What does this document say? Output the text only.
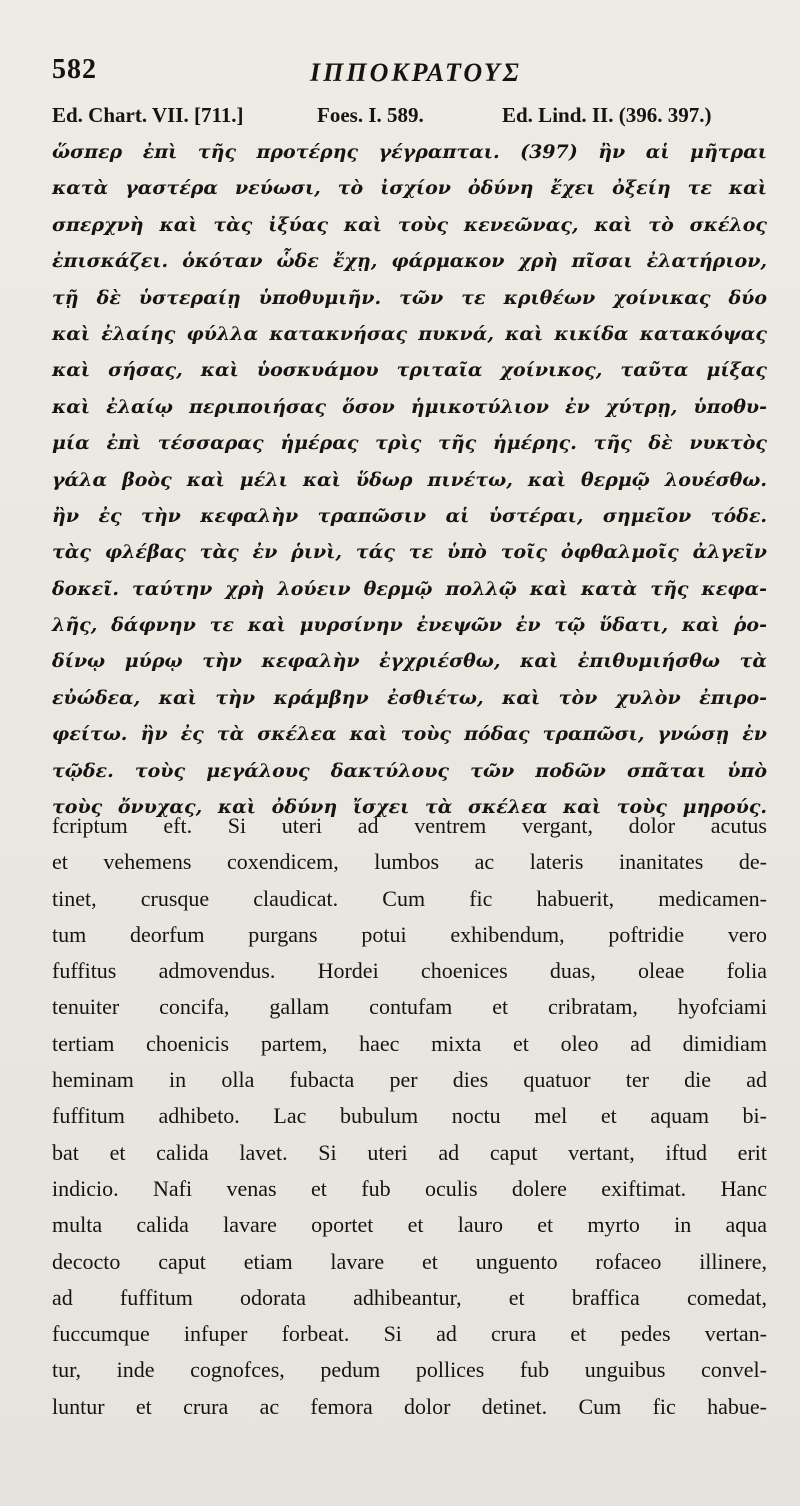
582	ΙΠΠΟΚΡΑΤΟΥΣ
Ed. Chart. VII. [711.]	Foes. I. 589.	Ed. Lind. II. (396. 397.)
ὥσπερ ἐπὶ τῆς προτέρης γέγραπται. (397) ἢν αἱ μῆτραι
κατὰ γαστέρα νεύωσι, τὸ ἰσχίον ὀδύνη ἔχει ὀξείη τε καὶ
σπερχνὴ καὶ τὰς ἰξύας καὶ τοὺς κενεῶνας, καὶ τὸ σκέλος
ἐπισκάζει. ὁκόταν ὧδε ἔχῃ, φάρμακον χρὴ πῖσαι ἐλατήριον,
τῇ δὲ ὑστεραίῃ ὑποθυμιῆν. τῶν τε κριθέων χοίνικας δύο
καὶ ἐλαίης φύλλα κατακνήσας πυκνά, καὶ κικίδα κατακόψας
καὶ σήσας, καὶ ὑοσκυάμου τριταῖα χοίνικος, ταῦτα μίξας
καὶ ἐλαίῳ περιποιήσας ὅσον ἡμικοτύλιον ἐν χύτρῃ, ὑποθυ-
μία ἐπὶ τέσσαρας ἡμέρας τρὶς τῆς ἡμέρης. τῆς δὲ νυκτὸς
γάλα βοὸς καὶ μέλι καὶ ὕδωρ πινέτω, καὶ θερμῷ λουέσθω.
ἢν ἐς τὴν κεφαλὴν τραπῶσιν αἱ ὑστέραι, σημεῖον τόδε.
τὰς φλέβας τὰς ἐν ῥινὶ, τάς τε ὑπὸ τοῖς ὀφθαλμοῖς ἀλγεῖν
δοκεῖ. ταύτην χρὴ λούειν θερμῷ πολλῷ καὶ κατὰ τῆς κεφα-
λῆς, δάφνην τε καὶ μυρσίνην ἐνεψῶν ἐν τῷ ὕδατι, καὶ ῥο-
δίνῳ μύρῳ τὴν κεφαλὴν ἐγχριέσθω, καὶ ἐπιθυμιήσθω τὰ
εὐώδεα, καὶ τὴν κράμβην ἐσθιέτω, καὶ τὸν χυλὸν ἐπιρο-
φείτω. ἢν ἐς τὰ σκέλεα καὶ τοὺς πόδας τραπῶσι, γνώσῃ ἐν
τῷδε. τοὺς μεγάλους δακτύλους τῶν ποδῶν σπᾶται ὑπὸ
τοὺς ὄνυχας, καὶ ὀδύνη ἴσχει τὰ σκέλεα καὶ τοὺς μηρούς.
fcriptum eft. Si uteri ad ventrem vergant, dolor acutus
et vehemens coxendicem, lumbos ac lateris inanitates de-
tinet, crusque claudicat. Cum fic habuerit, medicamen-
tum deorfum purgans potui exhibendum, poftridie vero
fuffitus admovendus. Hordei choenices duas, oleae folia
tenuiter concifa, gallam contufam et cribratam, hyofciami
tertiam choenicis partem, haec mixta et oleo ad dimidiam
heminam in olla fubacta per dies quatuor ter die ad
fuffitum adhibeto. Lac bubulum noctu mel et aquam bi-
bat et calida lavet. Si uteri ad caput vertant, iftud erit
indicio. Nafi venas et fub oculis dolere exiftimat. Hanc
multa calida lavare oportet et lauro et myrto in aqua
decocto caput etiam lavare et unguento rofaceo illinere,
ad fuffitum odorata adhibeantur, et braffica comedat,
fuccumque infuper forbeat. Si ad crura et pedes vertan-
tur, inde cognofces, pedum pollices fub unguibus convel-
luntur et crura ac femora dolor detinet. Cum fic habue-
